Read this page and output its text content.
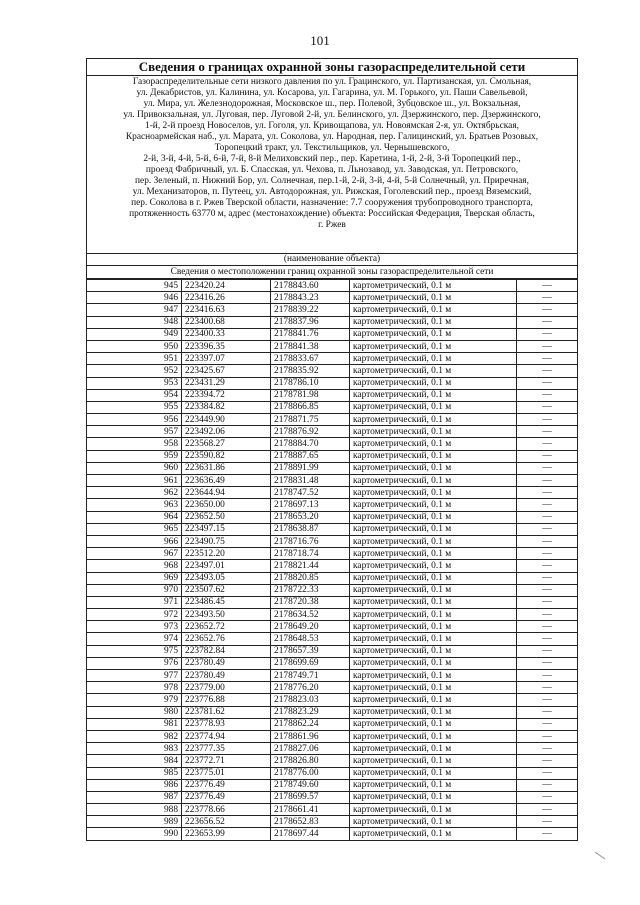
101
Сведения о границах охранной зоны газораспределительной сети
Газораспределительные сети низкого давления по ул. Грацинского, ул. Партизанская, ул. Смольная,
ул. Декабристов, ул. Калинина, ул. Косарова, ул. Гагарина, ул. М. Горького, ул. Паши Савельевой,
ул. Мира, ул. Железнодорожная, Московское ш., пер. Полевой, Зубцовское ш., ул. Вокзальная,
ул. Привокзальная, ул. Луговая, пер. Луговой 2-й, ул. Белинского, ул. Дзержинского, пер. Дзержинского,
1-й, 2-й проезд Новоселов, ул. Гоголя, ул. Кривощапова, ул. Новоямская 2-я, ул. Октябрьская,
Красноармейская наб., ул. Марата, ул. Соколова, ул. Народная, пер. Галицинский, ул. Братьев Розовых,
Торопецкий тракт, ул. Текстильщиков, ул. Чернышевского,
2-й, 3-й, 4-й, 5-й, 6-й, 7-й, 8-й Мелиховский пер., пер. Каретина, 1-й, 2-й, 3-й Торопецкий пер.,
проезд Фабричный, ул. Б. Спасская, ул. Чехова, п. Льнозавод, ул. Заводская, ул. Петровского,
пер. Зеленый, п. Нижний Бор, ул. Солнечная, пер.1-й, 2-й, 3-й, 4-й, 5-й Солнечный, ул. Приречная,
ул. Механизаторов, п. Путеец, ул. Автодорожная, ул. Рижская, Гоголевский пер., проезд Вяземский,
пер. Соколова в г. Ржев Тверской области, назначение: 7.7 сооружения трубопроводного транспорта,
протяженность 63770 м, адрес (местонахождение) объекта: Российская Федерация, Тверская область,
г. Ржев
(наименование объекта)
Сведения о местоположении границ охранной зоны газораспределительной сети
945	223420.24	2178843.60	картометрический, 0.1 м	—
946	223416.26	2178843.23	картометрический, 0.1 м	—
947	223416.63	2178839.22	картометрический, 0.1 м	—
948	223400.68	2178837.96	картометрический, 0.1 м	—
949	223400.33	2178841.76	картометрический, 0.1 м	—
950	223396.35	2178841.38	картометрический, 0.1 м	—
951	223397.07	2178833.67	картометрический, 0.1 м	—
952	223425.67	2178835.92	картометрический, 0.1 м	—
953	223431.29	2178786.10	картометрический, 0.1 м	—
954	223394.72	2178781.98	картометрический, 0.1 м	—
955	223384.82	2178866.85	картометрический, 0.1 м	—
956	223449.90	2178871.75	картометрический, 0.1 м	—
957	223492.06	2178876.92	картометрический, 0.1 м	—
958	223568.27	2178884.70	картометрический, 0.1 м	—
959	223590.82	2178887.65	картометрический, 0.1 м	—
960	223631.86	2178891.99	картометрический, 0.1 м	—
961	223636.49	2178831.48	картометрический, 0.1 м	—
962	223644.94	2178747.52	картометрический, 0.1 м	—
963	223650.00	2178697.13	картометрический, 0.1 м	—
964	223652.50	2178653.20	картометрический, 0.1 м	—
965	223497.15	2178638.87	картометрический, 0.1 м	—
966	223490.75	2178716.76	картометрический, 0.1 м	—
967	223512.20	2178718.74	картометрический, 0.1 м	—
968	223497.01	2178821.44	картометрический, 0.1 м	—
969	223493.05	2178820.85	картометрический, 0.1 м	—
970	223507.62	2178722.33	картометрический, 0.1 м	—
971	223486.45	2178720.38	картометрический, 0.1 м	—
972	223493.50	2178634.52	картометрический, 0.1 м	—
973	223652.72	2178649.20	картометрический, 0.1 м	—
974	223652.76	2178648.53	картометрический, 0.1 м	—
975	223782.84	2178657.39	картометрический, 0.1 м	—
976	223780.49	2178699.69	картометрический, 0.1 м	—
977	223780.49	2178749.71	картометрический, 0.1 м	—
978	223779.00	2178776.20	картометрический, 0.1 м	—
979	223776.88	2178823.03	картометрический, 0.1 м	—
980	223781.62	2178823.29	картометрический, 0.1 м	—
981	223778.93	2178862.24	картометрический, 0.1 м	—
982	223774.94	2178861.96	картометрический, 0.1 м	—
983	223777.35	2178827.06	картометрический, 0.1 м	—
984	223772.71	2178826.80	картометрический, 0.1 м	—
985	223775.01	2178776.00	картометрический, 0.1 м	—
986	223776.49	2178749.60	картометрический, 0.1 м	—
987	223776.49	2178699.57	картометрический, 0.1 м	—
988	223778.66	2178661.41	картометрический, 0.1 м	—
989	223656.52	2178652.83	картометрический, 0.1 м	—
990	223653.99	2178697.44	картометрический, 0.1 м	—
